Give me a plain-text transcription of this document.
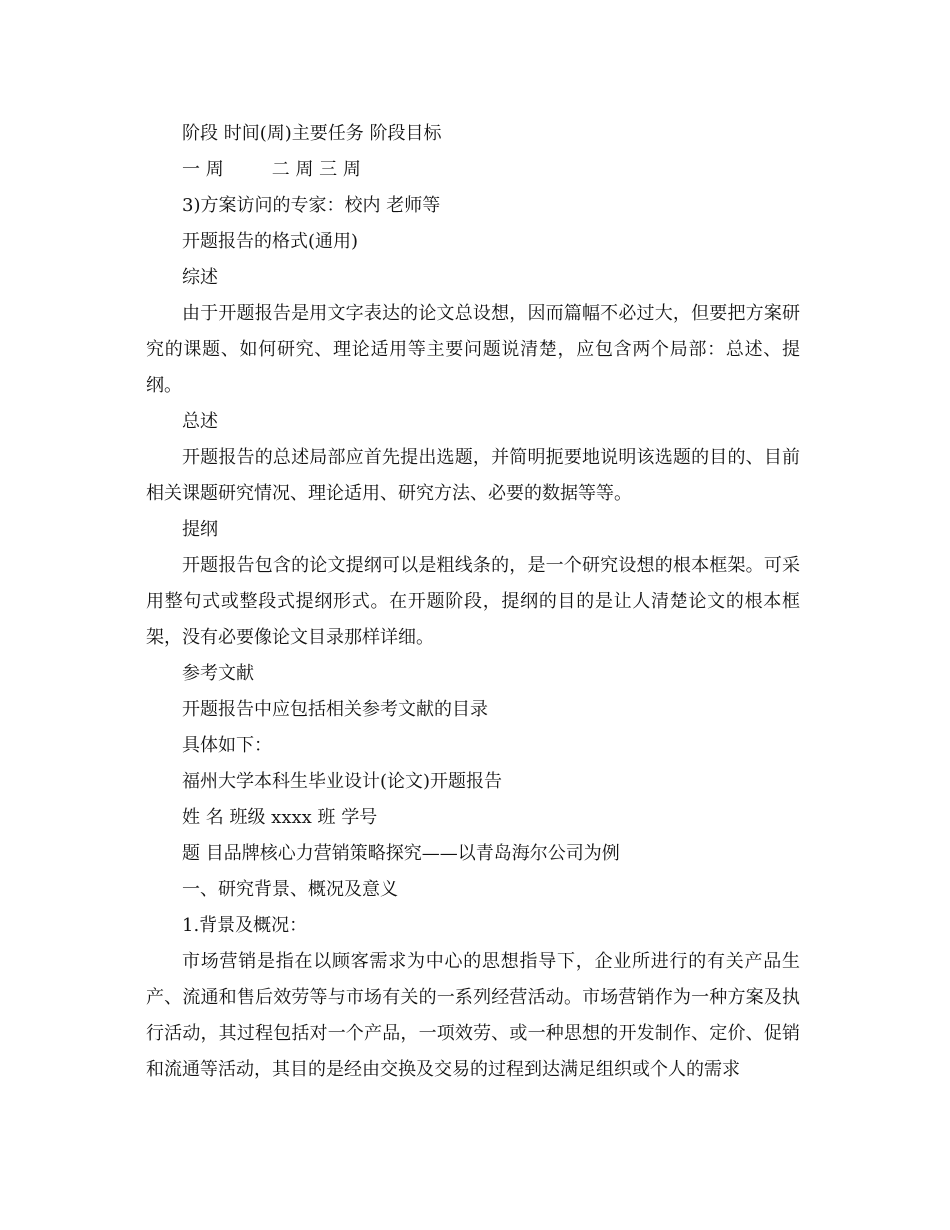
阶段 时间(周)主要任务 阶段目标
一 周	二 周 三 周
3)方案访问的专家：校内 老师等
开题报告的格式(通用)
综述

由于开题报告是用文字表达的论文总设想，因而篇幅不必过大，但要把方案研究的课题、如何研究、理论适用等主要问题说清楚，应包含两个局部：总述、提纲。

总述

开题报告的总述局部应首先提出选题，并简明扼要地说明该选题的目的、目前相关课题研究情况、理论适用、研究方法、必要的数据等等。

提纲

开题报告包含的论文提纲可以是粗线条的，是一个研究设想的根本框架。可采用整句式或整段式提纲形式。在开题阶段，提纲的目的是让人清楚论文的根本框架，没有必要像论文目录那样详细。

参考文献
开题报告中应包括相关参考文献的目录
具体如下：
福州大学本科生毕业设计(论文)开题报告
姓 名 班级 xxxx 班 学号
题 目品牌核心力营销策略探究——以青岛海尔公司为例
一、研究背景、概况及意义
1.背景及概况：

市场营销是指在以顾客需求为中心的思想指导下，企业所进行的有关产品生产、流通和售后效劳等与市场有关的一系列经营活动。市场营销作为一种方案及执行活动，其过程包括对一个产品，一项效劳、或一种思想的开发制作、定价、促销和流通等活动，其目的是经由交换及交易的过程到达满足组织或个人的需求
